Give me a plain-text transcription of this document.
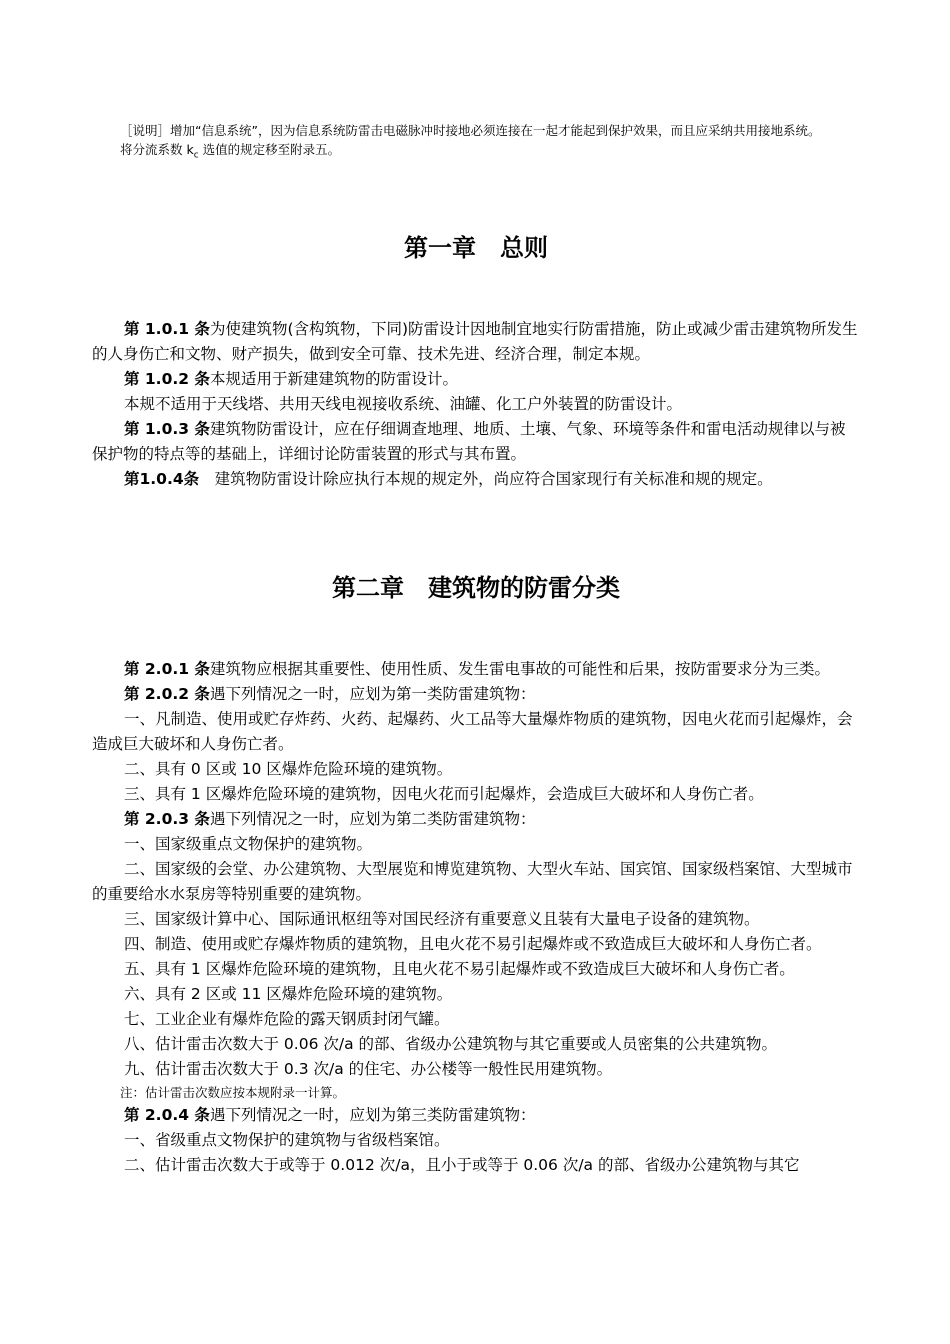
［说明］增加“信息系统”，因为信息系统防雷击电磁脉冲时接地必须连接在一起才能起到保护效果，而且应采纳共用接地系统。

将分流系数 $k_c$ 选值的规定移至附录五。

第一章　总则

第 1.0.1 条为使建筑物(含构筑物，下同)防雷设计因地制宜地实行防雷措施，防止或减少雷击建筑物所发生的人身伤亡和文物、财产损失，做到安全可靠、技术先进、经济合理，制定本规。

第 1.0.2 条本规适用于新建建筑物的防雷设计。

本规不适用于天线塔、共用天线电视接收系统、油罐、化工户外装置的防雷设计。

第 1.0.3 条建筑物防雷设计，应在仔细调查地理、地质、土壤、气象、环境等条件和雷电活动规律以与被保护物的特点等的基础上，详细讨论防雷装置的形式与其布置。

第1.0.4条　建筑物防雷设计除应执行本规的规定外，尚应符合国家现行有关标准和规的规定。

第二章　建筑物的防雷分类

第 2.0.1 条建筑物应根据其重要性、使用性质、发生雷电事故的可能性和后果，按防雷要求分为三类。

第 2.0.2 条遇下列情况之一时，应划为第一类防雷建筑物：

一、凡制造、使用或贮存炸药、火药、起爆药、火工品等大量爆炸物质的建筑物，因电火花而引起爆炸，会造成巨大破坏和人身伤亡者。

二、具有 0 区或 10 区爆炸危险环境的建筑物。

三、具有 1 区爆炸危险环境的建筑物，因电火花而引起爆炸，会造成巨大破坏和人身伤亡者。

第 2.0.3 条遇下列情况之一时，应划为第二类防雷建筑物：

一、国家级重点文物保护的建筑物。

二、国家级的会堂、办公建筑物、大型展览和博览建筑物、大型火车站、国宾馆、国家级档案馆、大型城市的重要给水水泵房等特别重要的建筑物。

三、国家级计算中心、国际通讯枢纽等对国民经济有重要意义且装有大量电子设备的建筑物。

四、制造、使用或贮存爆炸物质的建筑物，且电火花不易引起爆炸或不致造成巨大破坏和人身伤亡者。

五、具有 1 区爆炸危险环境的建筑物，且电火花不易引起爆炸或不致造成巨大破坏和人身伤亡者。

六、具有 2 区或 11 区爆炸危险环境的建筑物。

七、工业企业有爆炸危险的露天钢质封闭气罐。

八、估计雷击次数大于 0.06 次/a 的部、省级办公建筑物与其它重要或人员密集的公共建筑物。

九、估计雷击次数大于 0.3 次/a 的住宅、办公楼等一般性民用建筑物。

注：估计雷击次数应按本规附录一计算。

第 2.0.4 条遇下列情况之一时，应划为第三类防雷建筑物：

一、省级重点文物保护的建筑物与省级档案馆。

二、估计雷击次数大于或等于 0.012 次/a，且小于或等于 0.06 次/a 的部、省级办公建筑物与其它
